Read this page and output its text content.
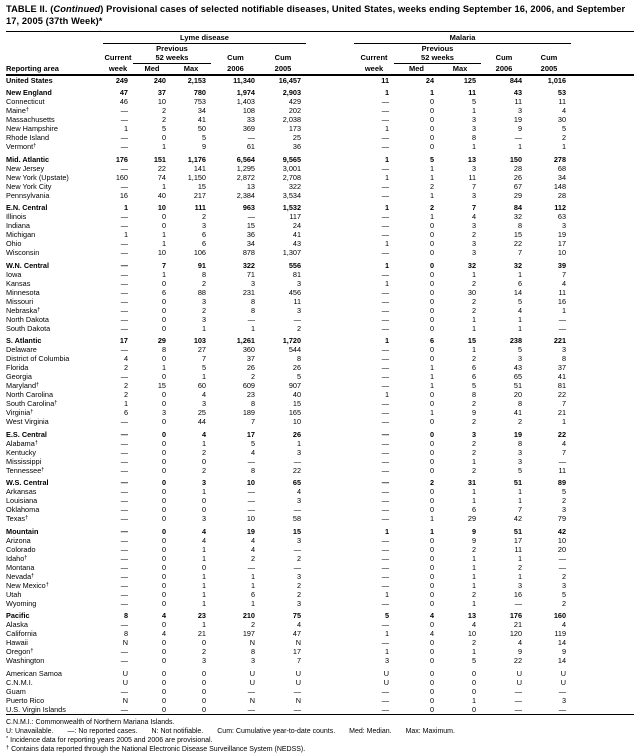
TABLE II. (Continued) Provisional cases of selected notifiable diseases, United States, weeks ending September 16, 2006, and September 17, 2005 (37th Week)*
	Lyme disease						Malaria					
		Previous						Previous				
	Current	52 weeks		Cum	Cum		Current	52 weeks		Cum	Cum	
Reporting area	week	Med	Max	2006	2005		week	Med	Max	2006	2005	
United States	249	240	2,153	11,340	16,457		11	24	125	844	1,016	
New England	47	37	780	1,974	2,903		1	1	11	43	53	
Connecticut	46	10	753	1,403	429		—	0	5	11	11	
Maine†	—	2	34	108	202		—	0	1	3	4	
Massachusetts	—	2	41	33	2,038		—	0	3	19	30	
New Hampshire	1	5	50	369	173		1	0	3	9	5	
Rhode Island	—	0	5	—	25		—	0	8	—	2	
Vermont†	—	1	9	61	36		—	0	1	1	1	
Mid. Atlantic	176	151	1,176	6,564	9,565		1	5	13	150	278	
New Jersey	—	22	141	1,295	3,001		—	1	3	28	68	
New York (Upstate)	160	74	1,150	2,872	2,708		1	1	11	26	34	
New York City	—	1	15	13	322		—	2	7	67	148	
Pennsylvania	16	40	217	2,384	3,534		—	1	3	29	28	
E.N. Central	1	10	111	963	1,532		1	2	7	84	112	
Illinois	—	0	2	—	117		—	1	4	32	63	
Indiana	—	0	3	15	24		—	0	3	8	3	
Michigan	1	1	6	36	41		—	0	2	15	19	
Ohio	—	1	6	34	43		1	0	3	22	17	
Wisconsin	—	10	106	878	1,307		—	0	3	7	10	
W.N. Central	—	7	91	322	556		1	0	32	32	39	
Iowa	—	1	8	71	81		—	0	1	1	7	
Kansas	—	0	2	3	3		1	0	2	6	4	
Minnesota	—	6	88	231	456		—	0	30	14	11	
Missouri	—	0	3	8	11		—	0	2	5	16	
Nebraska†	—	0	2	8	3		—	0	2	4	1	
North Dakota	—	0	3	—	—		—	0	1	1	—	
South Dakota	—	0	1	1	2		—	0	1	1	—	
S. Atlantic	17	29	103	1,261	1,720		1	6	15	238	221	
Delaware	—	8	27	360	544		—	0	1	5	3	
District of Columbia	4	0	7	37	8		—	0	2	3	8	
Florida	2	1	5	26	26		—	1	6	43	37	
Georgia	—	0	1	2	5		—	1	6	65	41	
Maryland†	2	15	60	609	907		—	1	5	51	81	
North Carolina	2	0	4	23	40		1	0	8	20	22	
South Carolina†	1	0	3	8	15		—	0	2	8	7	
Virginia†	6	3	25	189	165		—	1	9	41	21	
West Virginia	—	0	44	7	10		—	0	2	2	1	
E.S. Central	—	0	4	17	26		—	0	3	19	22	
Alabama†	—	0	1	5	1		—	0	2	8	4	
Kentucky	—	0	2	4	3		—	0	2	3	7	
Mississippi	—	0	0	—	—		—	0	1	3	—	
Tennessee†	—	0	2	8	22		—	0	2	5	11	
W.S. Central	—	0	3	10	65		—	2	31	51	89	
Arkansas	—	0	1	—	4		—	0	1	1	5	
Louisiana	—	0	0	—	3		—	0	1	1	2	
Oklahoma	—	0	0	—	—		—	0	6	7	3	
Texas†	—	0	3	10	58		—	1	29	42	79	
Mountain	—	0	4	19	15		1	1	9	51	42	
Arizona	—	0	4	4	3		—	0	9	17	10	
Colorado	—	0	1	4	—		—	0	2	11	20	
Idaho†	—	0	1	2	2		—	0	1	1	—	
Montana	—	0	0	—	—		—	0	1	2	—	
Nevada†	—	0	1	1	3		—	0	1	1	2	
New Mexico†	—	0	1	1	2		—	0	1	3	3	
Utah	—	0	1	6	2		1	0	2	16	5	
Wyoming	—	0	1	1	3		—	0	1	—	2	
Pacific	8	4	23	210	75		5	4	13	176	160	
Alaska	—	0	1	2	4		—	0	4	21	4	
California	8	4	21	197	47		1	4	10	120	119	
Hawaii	N	0	0	N	N		—	0	2	4	14	
Oregon†	—	0	2	8	17		1	0	1	9	9	
Washington	—	0	3	3	7		3	0	5	22	14	
American Samoa	U	0	0	U	U		U	0	0	U	U	
C.N.M.I.	U	0	0	U	U		U	0	0	U	U	
Guam	—	0	0	—	—		—	0	0	—	—	
Puerto Rico	N	0	0	N	N		—	0	1	—	3	
U.S. Virgin Islands	—	0	0	—	—		—	0	0	—	—	
C.N.M.I.: Commonwealth of Northern Mariana Islands.
U: Unavailable. —: No reported cases. N: Not notifiable. Cum: Cumulative year-to-date counts. Med: Median. Max: Maximum.
* Incidence data for reporting years 2005 and 2006 are provisional.
† Contains data reported through the National Electronic Disease Surveillance System (NEDSS).
